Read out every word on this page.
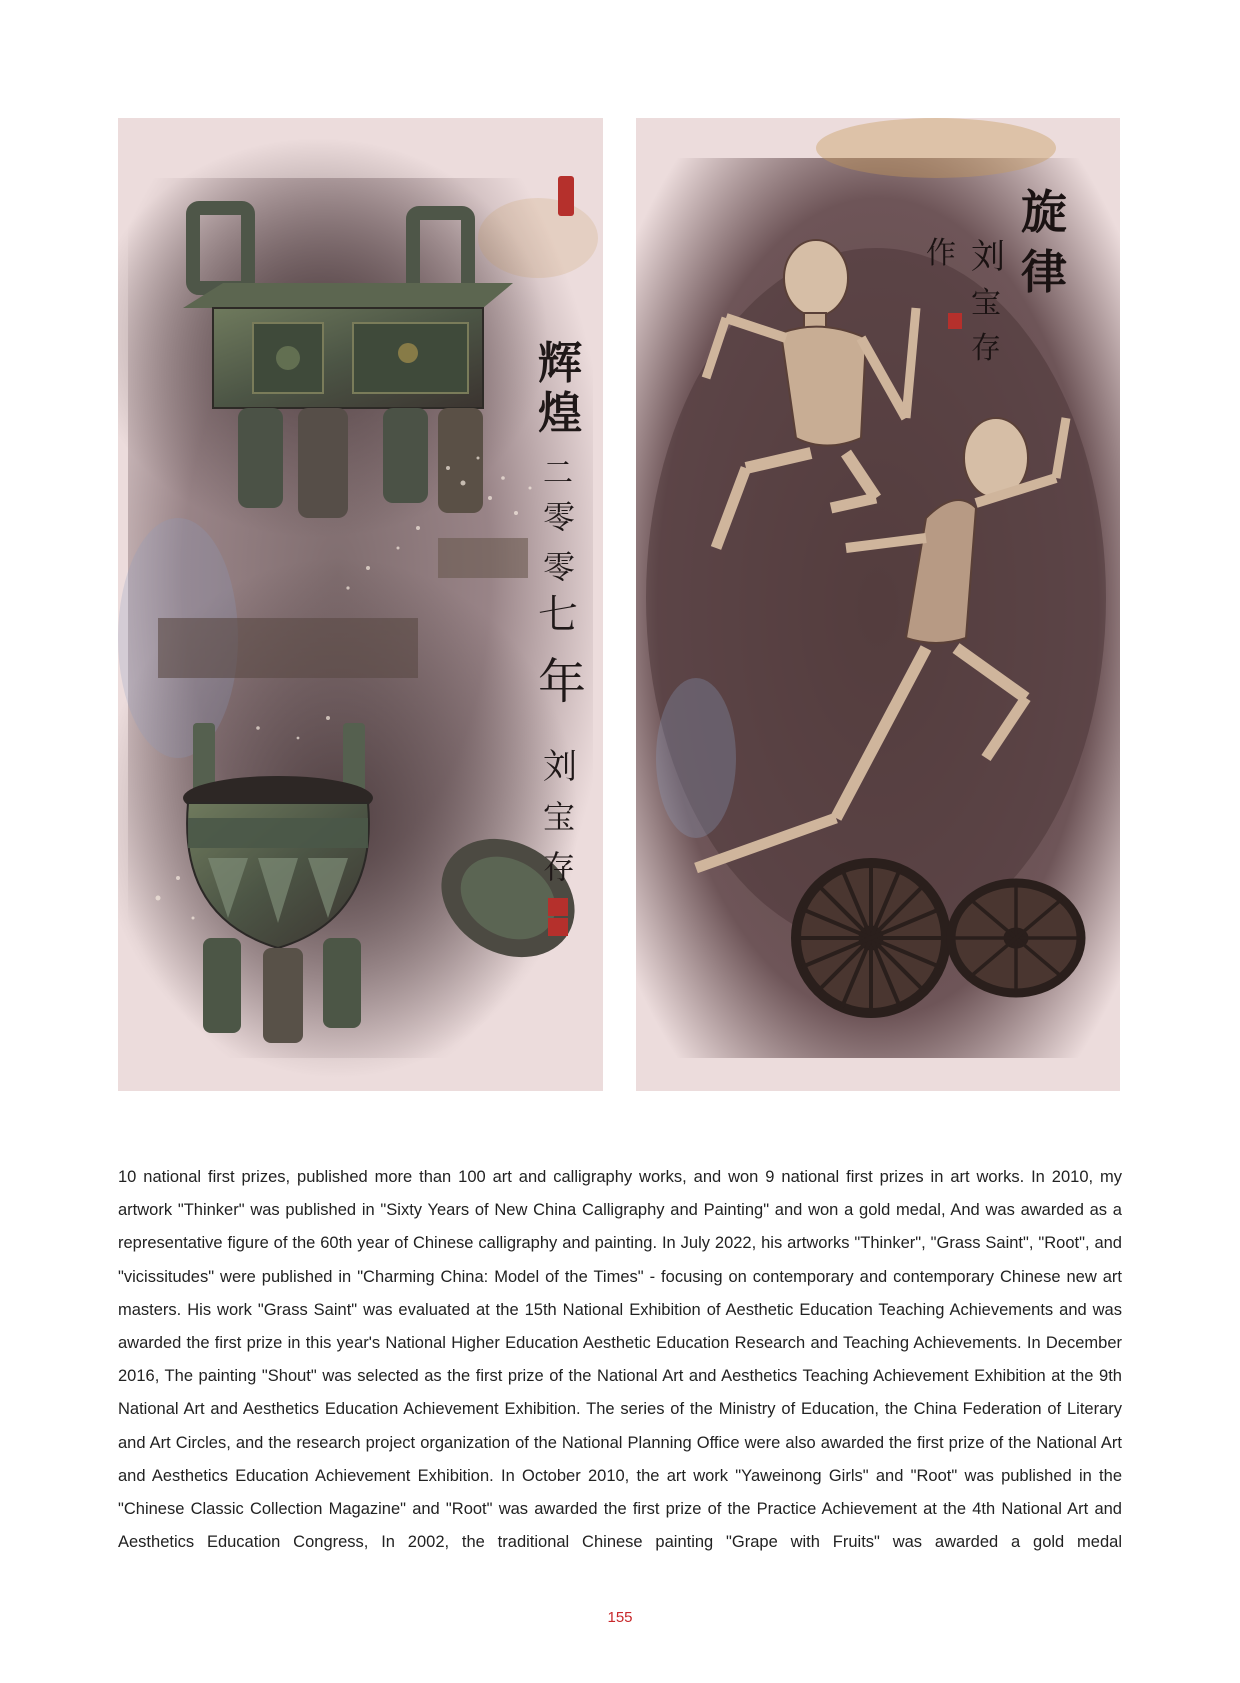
辉
煌
二
零
零
七
年
刘
宝
存
旋
律
刘
宝
存
作

10 national first prizes, published more than 100 art and calligraphy works, and won 9 national first prizes in art works. In 2010, my artwork "Thinker" was published in "Sixty Years of New China Calligraphy and Painting" and won a gold medal, And was awarded as a representative figure of the 60th year of Chinese calligraphy and painting. In July 2022, his artworks "Thinker", "Grass Saint", "Root", and "vicissitudes" were published in "Charming China: Model of the Times" - focusing on contemporary and contemporary Chinese new art masters. His work "Grass Saint" was evaluated at the 15th National Exhibition of Aesthetic Education Teaching Achievements and was awarded the first prize in this year's National Higher Education Aesthetic Education Research and Teaching Achievements. In December 2016, The painting "Shout" was selected as the first prize of the National Art and Aesthetics Teaching Achievement Exhibition at the 9th National Art and Aesthetics Education Achievement Exhibition. The series of the Ministry of Education, the China Federation of Literary and Art Circles, and the research project organization of the National Planning Office were also awarded the first prize of the National Art and Aesthetics Education Achievement Exhibition. In October 2010, the art work "Yaweinong Girls" and "Root" was published in the "Chinese Classic Collection Magazine" and "Root" was awarded the first prize of the Practice Achievement at the 4th National Art and Aesthetics Education Congress, In 2002, the traditional Chinese painting "Grape with Fruits" was awarded a gold medal

155
